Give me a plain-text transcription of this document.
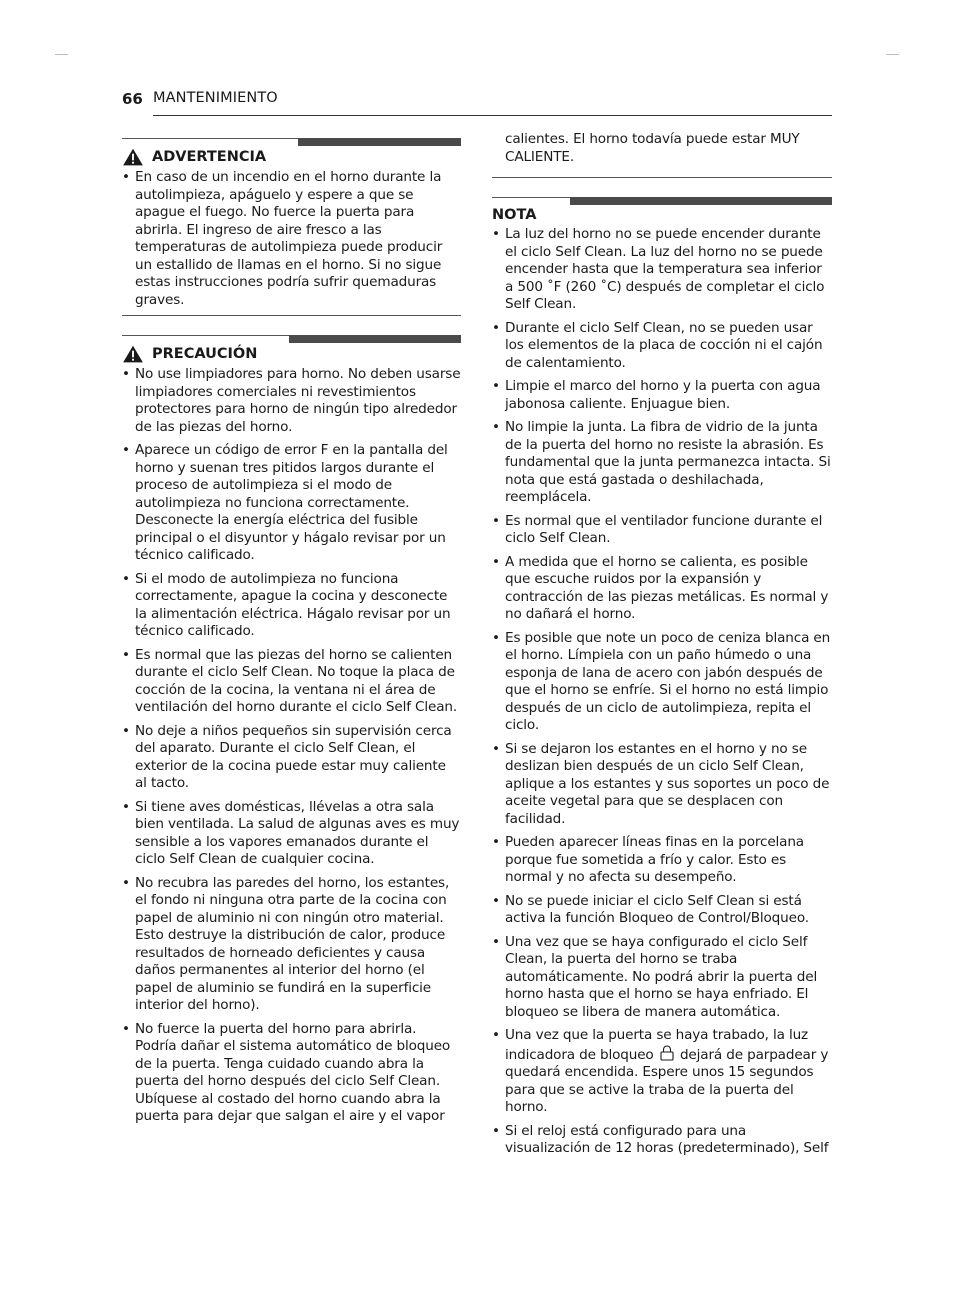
66 MANTENIMIENTO
ADVERTENCIA
• En caso de un incendio en el horno durante la autolimpieza, apáguelo y espere a que se apague el fuego. No fuerce la puerta para abrirla. El ingreso de aire fresco a las temperaturas de autolimpieza puede producir un estallido de llamas en el horno. Si no sigue estas instrucciones podría sufrir quemaduras graves.
PRECAUCIÓN
• No use limpiadores para horno. No deben usarse limpiadores comerciales ni revestimientos protectores para horno de ningún tipo alrededor de las piezas del horno.
• Aparece un código de error F en la pantalla del horno y suenan tres pitidos largos durante el proceso de autolimpieza si el modo de autolimpieza no funciona correctamente. Desconecte la energía eléctrica del fusible principal o el disyuntor y hágalo revisar por un técnico calificado.
• Si el modo de autolimpieza no funciona correctamente, apague la cocina y desconecte la alimentación eléctrica. Hágalo revisar por un técnico calificado.
• Es normal que las piezas del horno se calienten durante el ciclo Self Clean. No toque la placa de cocción de la cocina, la ventana ni el área de ventilación del horno durante el ciclo Self Clean.
• No deje a niños pequeños sin supervisión cerca del aparato. Durante el ciclo Self Clean, el exterior de la cocina puede estar muy caliente al tacto.
• Si tiene aves domésticas, llévelas a otra sala bien ventilada. La salud de algunas aves es muy sensible a los vapores emanados durante el ciclo Self Clean de cualquier cocina.
• No recubra las paredes del horno, los estantes, el fondo ni ninguna otra parte de la cocina con papel de aluminio ni con ningún otro material. Esto destruye la distribución de calor, produce resultados de horneado deficientes y causa daños permanentes al interior del horno (el papel de aluminio se fundirá en la superficie interior del horno).
• No fuerce la puerta del horno para abrirla. Podría dañar el sistema automático de bloqueo de la puerta. Tenga cuidado cuando abra la puerta del horno después del ciclo Self Clean. Ubíquese al costado del horno cuando abra la puerta para dejar que salgan el aire y el vapor
calientes. El horno todavía puede estar MUY CALIENTE.
NOTA
• La luz del horno no se puede encender durante el ciclo Self Clean. La luz del horno no se puede encender hasta que la temperatura sea inferior a 500 ˚F (260 ˚C) después de completar el ciclo Self Clean.
• Durante el ciclo Self Clean, no se pueden usar los elementos de la placa de cocción ni el cajón de calentamiento.
• Limpie el marco del horno y la puerta con agua jabonosa caliente. Enjuague bien.
• No limpie la junta. La fibra de vidrio de la junta de la puerta del horno no resiste la abrasión. Es fundamental que la junta permanezca intacta. Si nota que está gastada o deshilachada, reemplácela.
• Es normal que el ventilador funcione durante el ciclo Self Clean.
• A medida que el horno se calienta, es posible que escuche ruidos por la expansión y contracción de las piezas metálicas. Es normal y no dañará el horno.
• Es posible que note un poco de ceniza blanca en el horno. Límpiela con un paño húmedo o una esponja de lana de acero con jabón después de que el horno se enfríe. Si el horno no está limpio después de un ciclo de autolimpieza, repita el ciclo.
• Si se dejaron los estantes en el horno y no se deslizan bien después de un ciclo Self Clean, aplique a los estantes y sus soportes un poco de aceite vegetal para que se desplacen con facilidad.
• Pueden aparecer líneas finas en la porcelana porque fue sometida a frío y calor. Esto es normal y no afecta su desempeño.
• No se puede iniciar el ciclo Self Clean si está activa la función Bloqueo de Control/Bloqueo.
• Una vez que se haya configurado el ciclo Self Clean, la puerta del horno se traba automáticamente. No podrá abrir la puerta del horno hasta que el horno se haya enfriado. El bloqueo se libera de manera automática.
• Una vez que la puerta se haya trabado, la luz indicadora de bloqueo dejará de parpadear y quedará encendida. Espere unos 15 segundos para que se active la traba de la puerta del horno.
• Si el reloj está configurado para una visualización de 12 horas (predeterminado), Self
